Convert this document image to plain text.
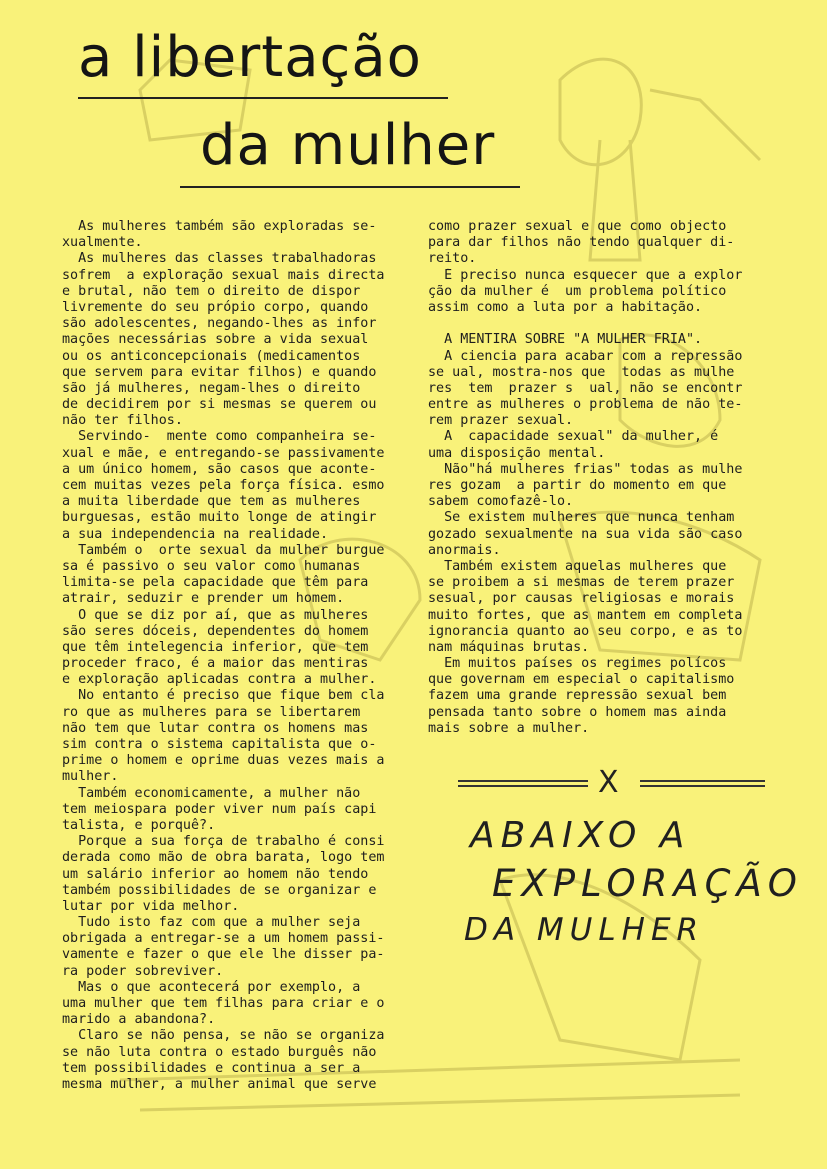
a libertação
da mulher
As mulheres também são exploradas se-
xualmente.
As mulheres das classes trabalhadoras
sofrem  a exploração sexual mais directa
e brutal, não tem o direito de dispor
livremente do seu própio corpo, quando
são adolescentes, negando-lhes as infor
mações necessárias sobre a vida sexual
ou os anticoncepcionais (medicamentos
que servem para evitar filhos) e quando
são já mulheres, negam-lhes o direito
de decidirem por si mesmas se querem ou
não ter filhos.
Servindo-  mente como companheira se-
xual e mãe, e entregando-se passivamente
a um único homem, são casos que aconte-
cem muitas vezes pela força física. esmo
a muita liberdade que tem as mulheres
burguesas, estão muito longe de atingir
a sua independencia na realidade.
Também o  orte sexual da mulher burgue
sa é passivo o seu valor como humanas
limita-se pela capacidade que têm para
atrair, seduzir e prender um homem.
O que se diz por aí, que as mulheres
são seres dóceis, dependentes do homem
que têm intelegencia inferior, que tem
proceder fraco, é a maior das mentiras
e exploração aplicadas contra a mulher.
No entanto é preciso que fique bem cla
ro que as mulheres para se libertarem
não tem que lutar contra os homens mas
sim contra o sistema capitalista que o-
prime o homem e oprime duas vezes mais a
mulher.
Também economicamente, a mulher não
tem meiospara poder viver num país capi
talista, e porquê?.
Porque a sua força de trabalho é consi
derada como mão de obra barata, logo tem
um salário inferior ao homem não tendo
também possibilidades de se organizar e
lutar por vida melhor.
Tudo isto faz com que a mulher seja
obrigada a entregar-se a um homem passi-
vamente e fazer o que ele lhe disser pa-
ra poder sobreviver.
Mas o que acontecerá por exemplo, a
uma mulher que tem filhas para criar e o
marido a abandona?.
Claro se não pensa, se não se organiza
se não luta contra o estado burguês não
tem possibilidades e continua a ser a
mesma mulher, a mulher animal que serve
como prazer sexual e que como objecto
para dar filhos não tendo qualquer di-
reito.
É preciso nunca esquecer que a explor
ção da mulher é  um problema político
assim como a luta por a habitação.
A MENTIRA SOBRE "A MULHER FRIA".
A ciencia para acabar com a repressão
se ual, mostra-nos que  todas as mulhe
res  tem  prazer s  ual, não se encontr
entre as mulheres o problema de não te-
rem prazer sexual.
A  capacidade sexual" da mulher, é
uma disposição mental.
Não"há mulheres frias" todas as mulhe
res gozam  a partir do momento em que
sabem comofazê-lo.
Se existem mulheres que nunca tenham
gozado sexualmente na sua vida são caso
anormais.
Também existem aquelas mulheres que
se proibem a si mesmas de terem prazer
sesual, por causas religiosas e morais
muito fortes, que as mantem em completa
ignorancia quanto ao seu corpo, e as to
nam máquinas brutas.
Em muitos países os regimes polícos
que governam em especial o capitalismo
fazem uma grande repressão sexual bem
pensada tanto sobre o homem mas ainda
mais sobre a mulher.
X
ABAIXO A
EXPLORAÇÃO
DA MULHER
